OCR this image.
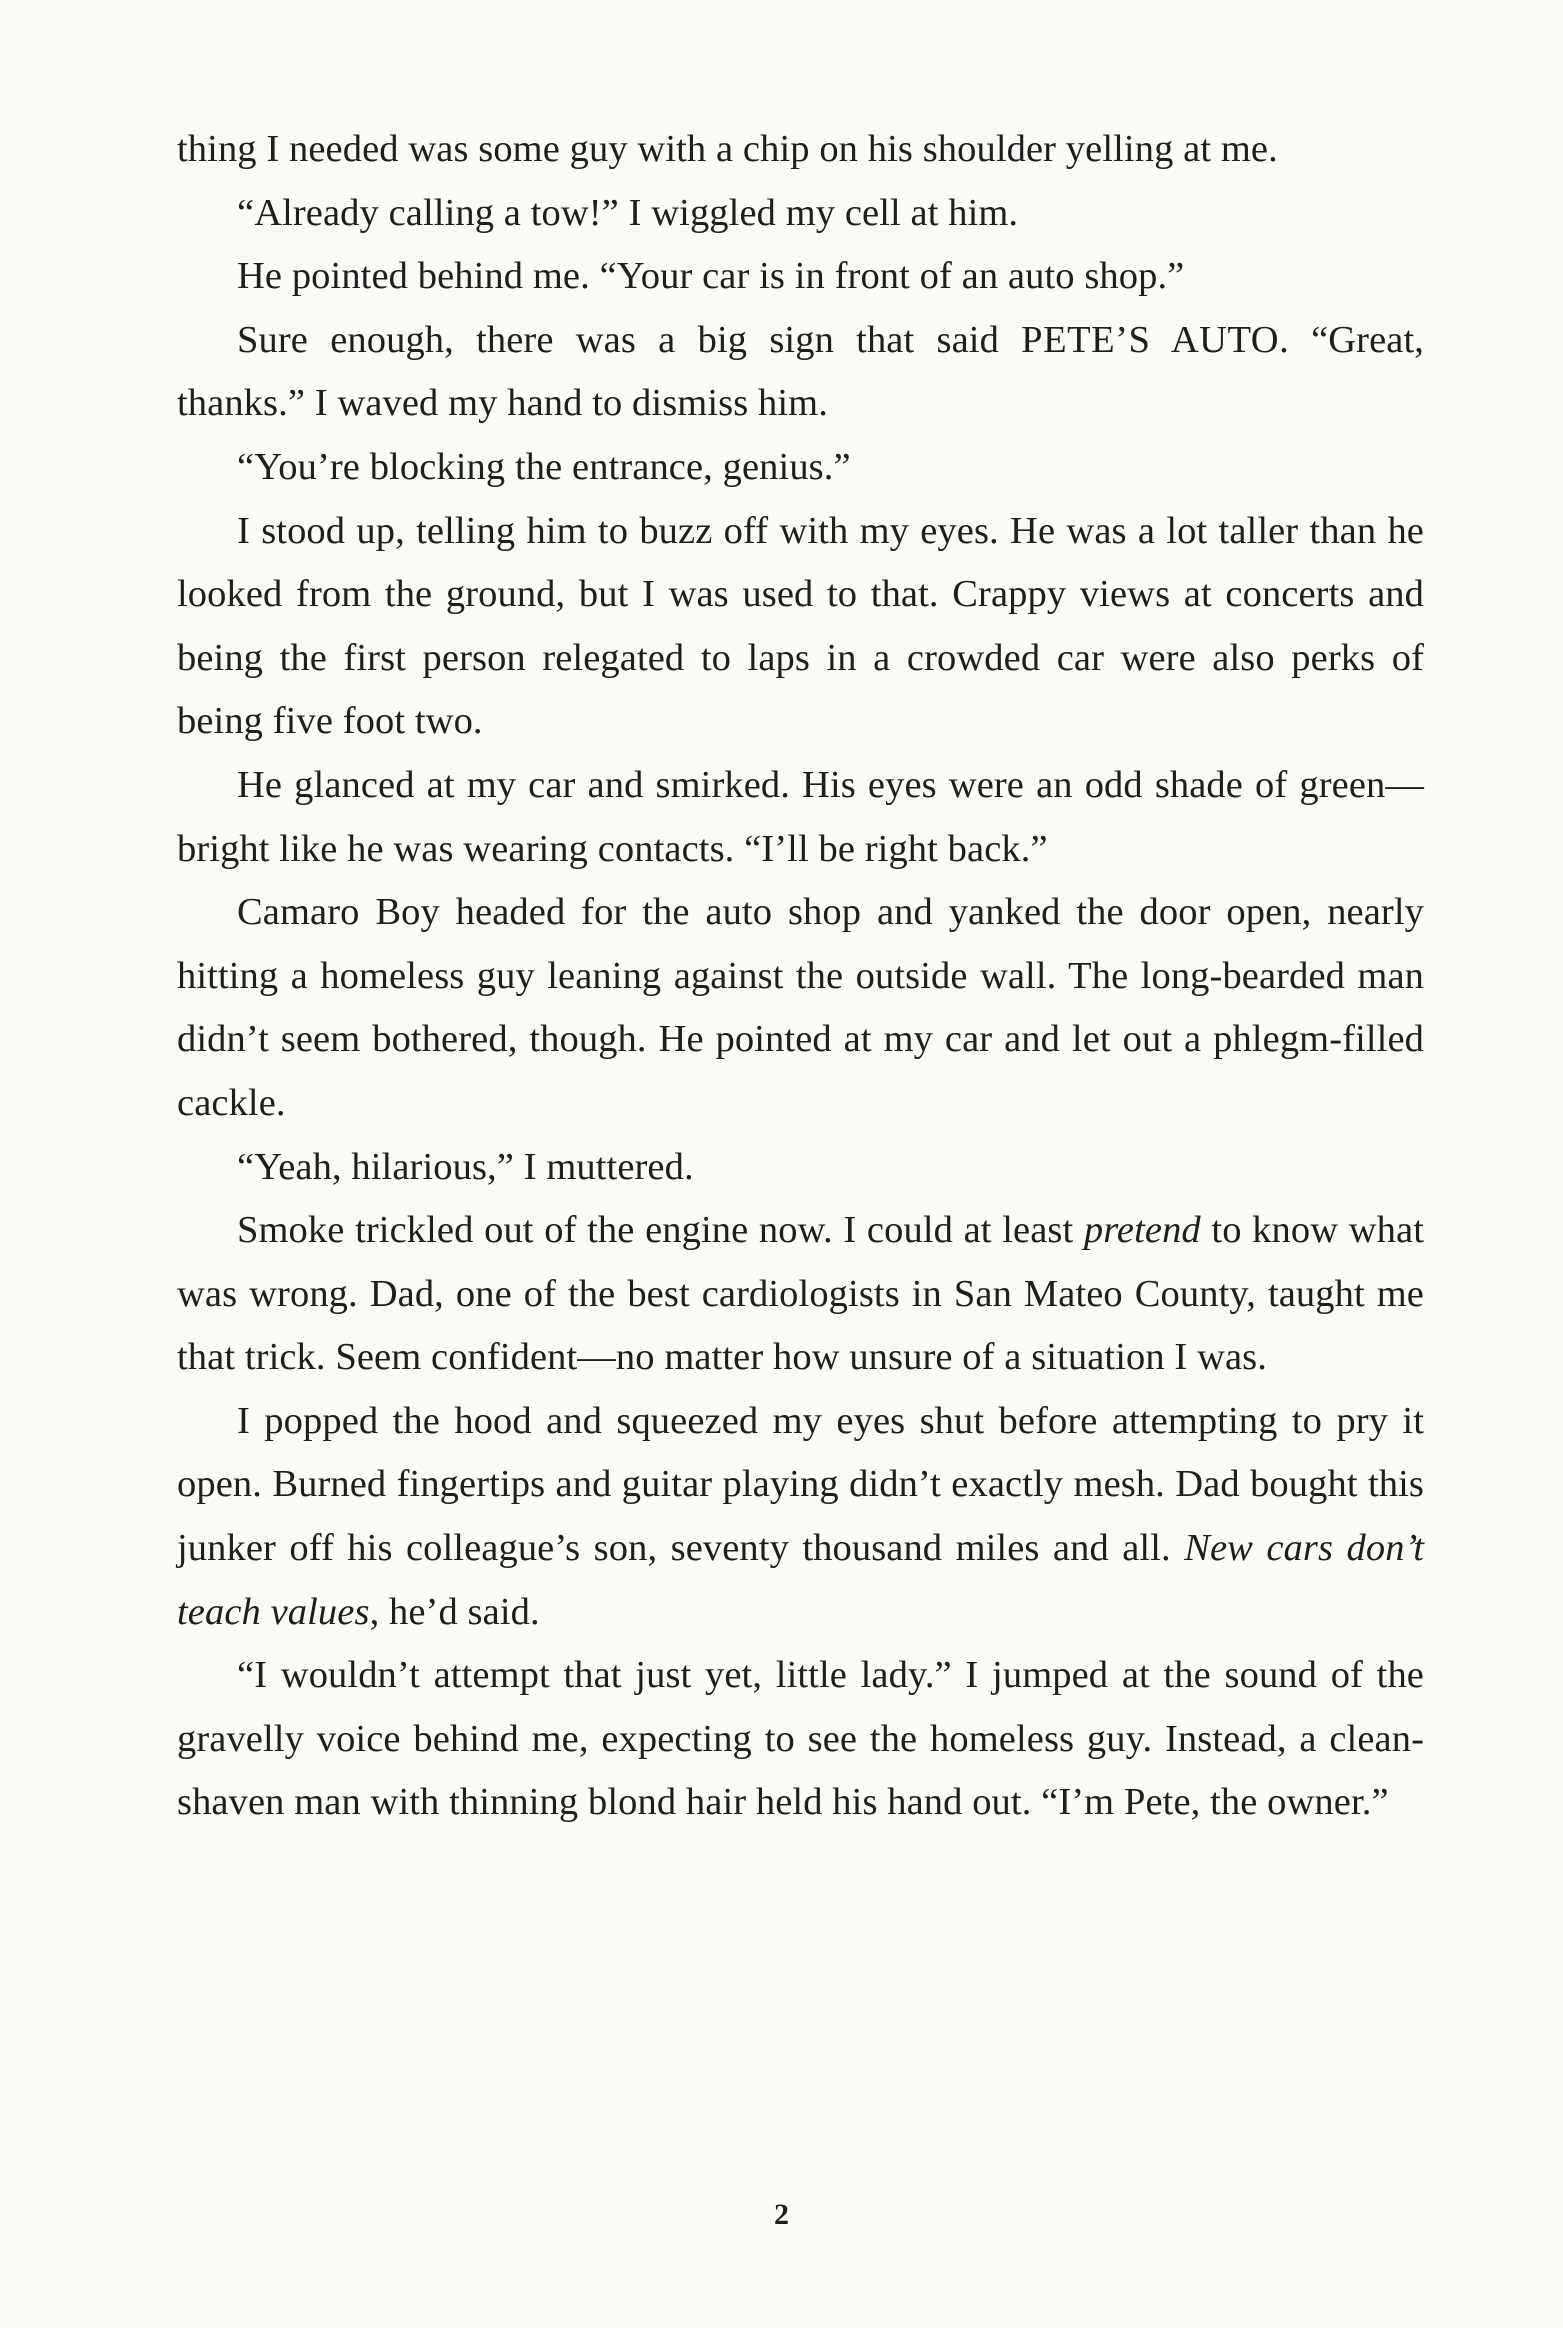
thing I needed was some guy with a chip on his shoulder yelling at me.

“Already calling a tow!” I wiggled my cell at him.

He pointed behind me. “Your car is in front of an auto shop.”

Sure enough, there was a big sign that said PETE’S AUTO. “Great, thanks.” I waved my hand to dismiss him.

“You’re blocking the entrance, genius.”

I stood up, telling him to buzz off with my eyes. He was a lot taller than he looked from the ground, but I was used to that. Crappy views at concerts and being the first person relegated to laps in a crowded car were also perks of being five foot two.

He glanced at my car and smirked. His eyes were an odd shade of green—bright like he was wearing contacts. “I’ll be right back.”

Camaro Boy headed for the auto shop and yanked the door open, nearly hitting a homeless guy leaning against the outside wall. The long-bearded man didn’t seem bothered, though. He pointed at my car and let out a phlegm-filled cackle.

“Yeah, hilarious,” I muttered.

Smoke trickled out of the engine now. I could at least pretend to know what was wrong. Dad, one of the best cardiologists in San Mateo County, taught me that trick. Seem confident—no matter how unsure of a situation I was.

I popped the hood and squeezed my eyes shut before attempting to pry it open. Burned fingertips and guitar playing didn’t exactly mesh. Dad bought this junker off his colleague’s son, seventy thousand miles and all. New cars don’t teach values, he’d said.

“I wouldn’t attempt that just yet, little lady.” I jumped at the sound of the gravelly voice behind me, expecting to see the homeless guy. Instead, a clean-shaven man with thinning blond hair held his hand out. “I’m Pete, the owner.”

2
